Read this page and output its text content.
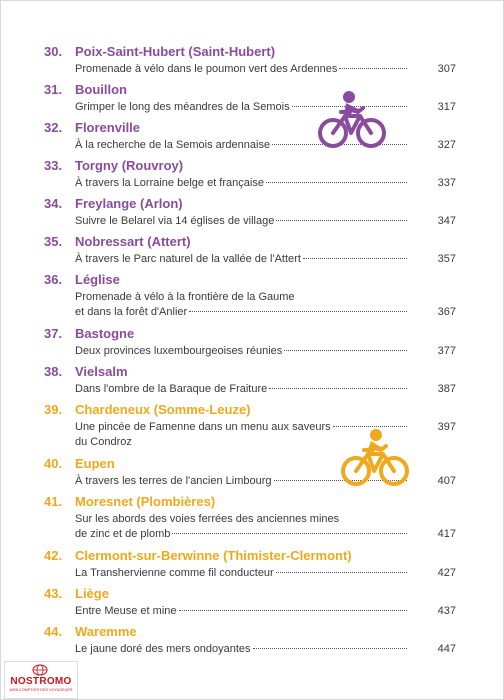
30. Poix-Saint-Hubert (Saint-Hubert)
Promenade à vélo dans le poumon vert des Ardennes	307
31. Bouillon
Grimper le long des méandres de la Semois	317
32. Florenville
À la recherche de la Semois ardennaise	327
33. Torgny (Rouvroy)
À travers la Lorraine belge et française	337
34. Freylange (Arlon)
Suivre le Belarel via 14 églises de village	347
35. Nobressart (Attert)
À travers le Parc naturel de la vallée de l'Attert	357
36. Léglise
Promenade à vélo à la frontière de la Gaume
et dans la forêt d'Anlier	367
37. Bastogne
Deux provinces luxembourgeoises réunies	377
38. Vielsalm
Dans l'ombre de la Baraque de Fraiture	387
39. Chardeneux (Somme-Leuze)
Une pincée de Famenne dans un menu aux saveurs
du Condroz
397
40. Eupen
À travers les terres de l'ancien Limbourg	407
41. Moresnet (Plombières)
Sur les abords des voies ferrées des anciennes mines
de zinc et de plomb	417
42. Clermont-sur-Berwinne (Thimister-Clermont)
La Transhervienne comme fil conducteur	427
43. Liège
Entre Meuse et mine	437
44. Waremme
Le jaune doré des mers ondoyantes	447
NOSTROMO
WEB COMPTOIR DES VOYAGEURS
